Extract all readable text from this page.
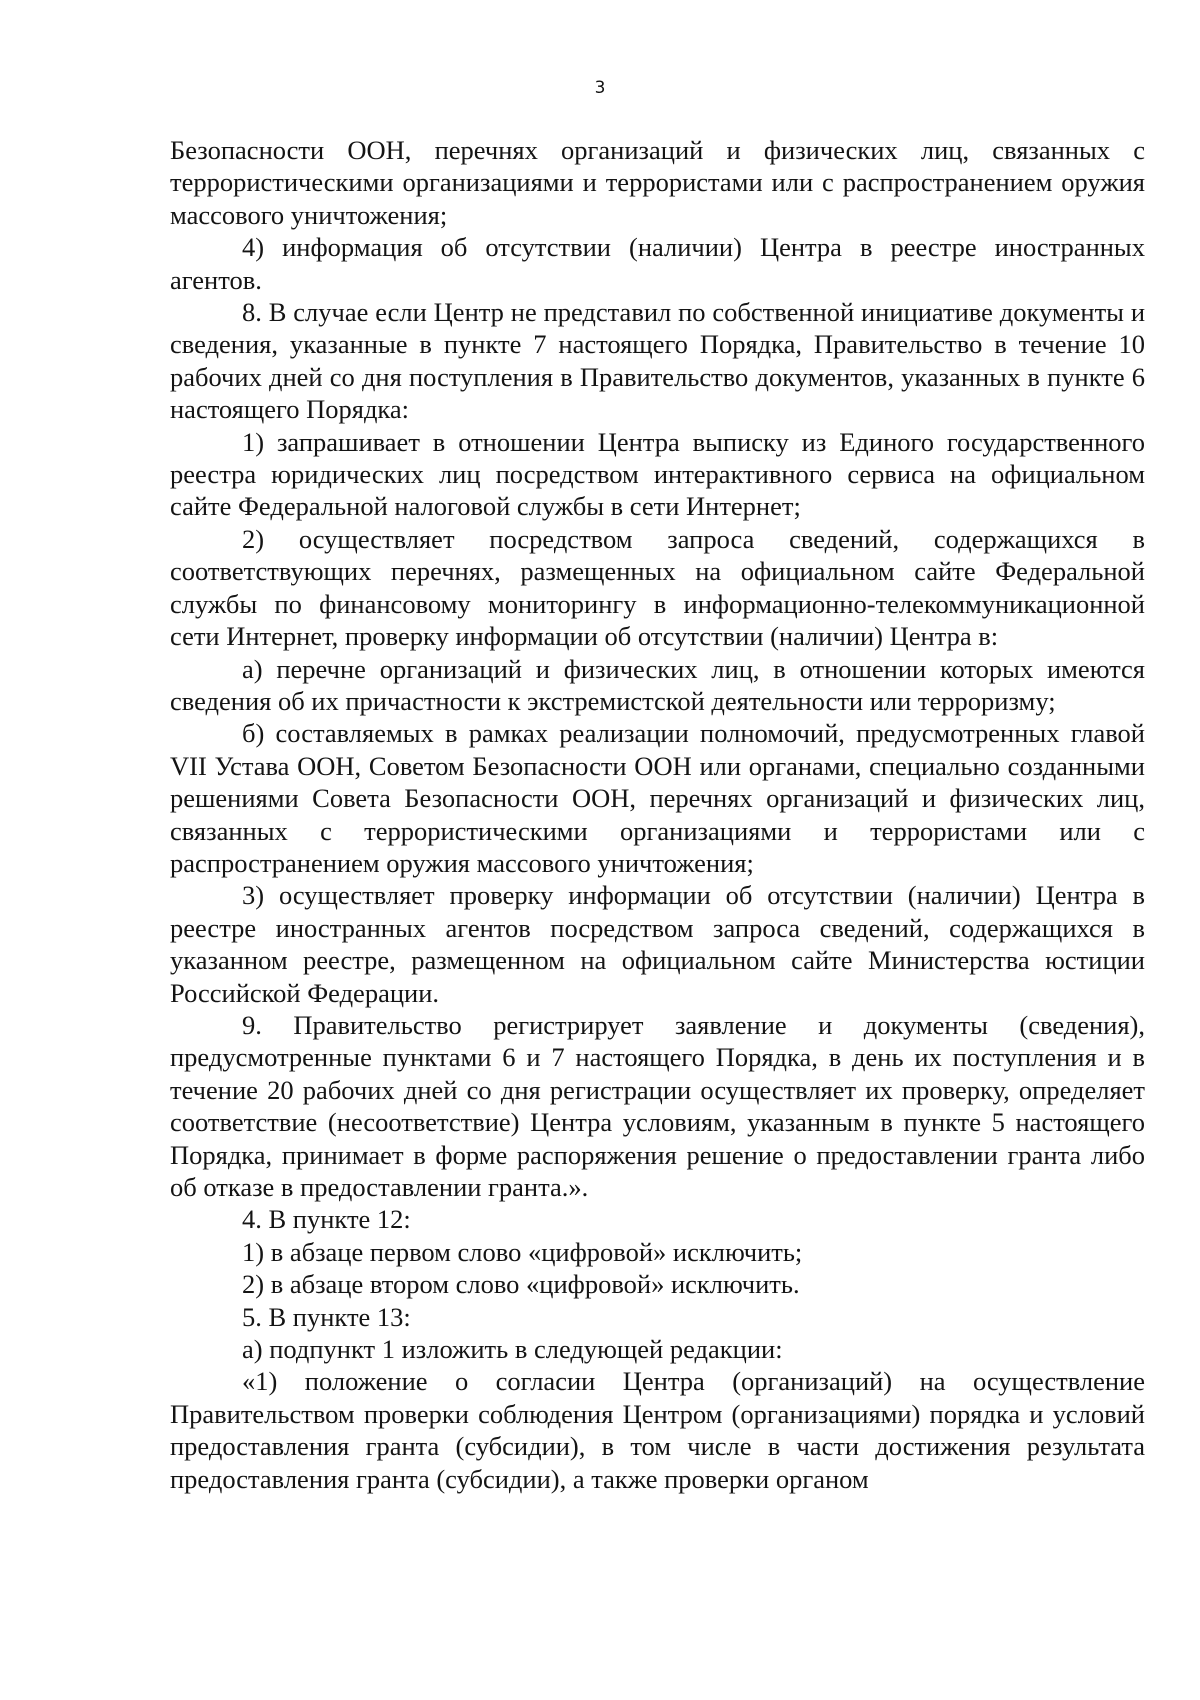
3

Безопасности ООН, перечнях организаций и физических лиц, связанных с террористическими организациями и террористами или с распространением оружия массового уничтожения;

4) информация об отсутствии (наличии) Центра в реестре иностранных агентов.

8. В случае если Центр не представил по собственной инициативе документы и сведения, указанные в пункте 7 настоящего Порядка, Правительство в течение 10 рабочих дней со дня поступления в Правительство документов, указанных в пункте 6 настоящего Порядка:

1) запрашивает в отношении Центра выписку из Единого государственного реестра юридических лиц посредством интерактивного сервиса на официальном сайте Федеральной налоговой службы в сети Интернет;

2) осуществляет посредством запроса сведений, содержащихся в соответствующих перечнях, размещенных на официальном сайте Федеральной службы по финансовому мониторингу в информационно-телекоммуникационной сети Интернет, проверку информации об отсутствии (наличии) Центра в:

а) перечне организаций и физических лиц, в отношении которых имеются сведения об их причастности к экстремистской деятельности или терроризму;

б) составляемых в рамках реализации полномочий, предусмотренных главой VII Устава ООН, Советом Безопасности ООН или органами, специально созданными решениями Совета Безопасности ООН, перечнях организаций и физических лиц, связанных с террористическими организациями и террористами или с распространением оружия массового уничтожения;

3) осуществляет проверку информации об отсутствии (наличии) Центра в реестре иностранных агентов посредством запроса сведений, содержащихся в указанном реестре, размещенном на официальном сайте Министерства юстиции Российской Федерации.

9. Правительство регистрирует заявление и документы (сведения), предусмотренные пунктами 6 и 7 настоящего Порядка, в день их поступления и в течение 20 рабочих дней со дня регистрации осуществляет их проверку, определяет соответствие (несоответствие) Центра условиям, указанным в пункте 5 настоящего Порядка, принимает в форме распоряжения решение о предоставлении гранта либо об отказе в предоставлении гранта.».

4. В пункте 12:

1) в абзаце первом слово «цифровой» исключить;

2) в абзаце втором слово «цифровой» исключить.

5. В пункте 13:

а) подпункт 1 изложить в следующей редакции:

«1) положение о согласии Центра (организаций) на осуществление Правительством проверки соблюдения Центром (организациями) порядка и условий предоставления гранта (субсидии), в том числе в части достижения результата предоставления гранта (субсидии), а также проверки органом
